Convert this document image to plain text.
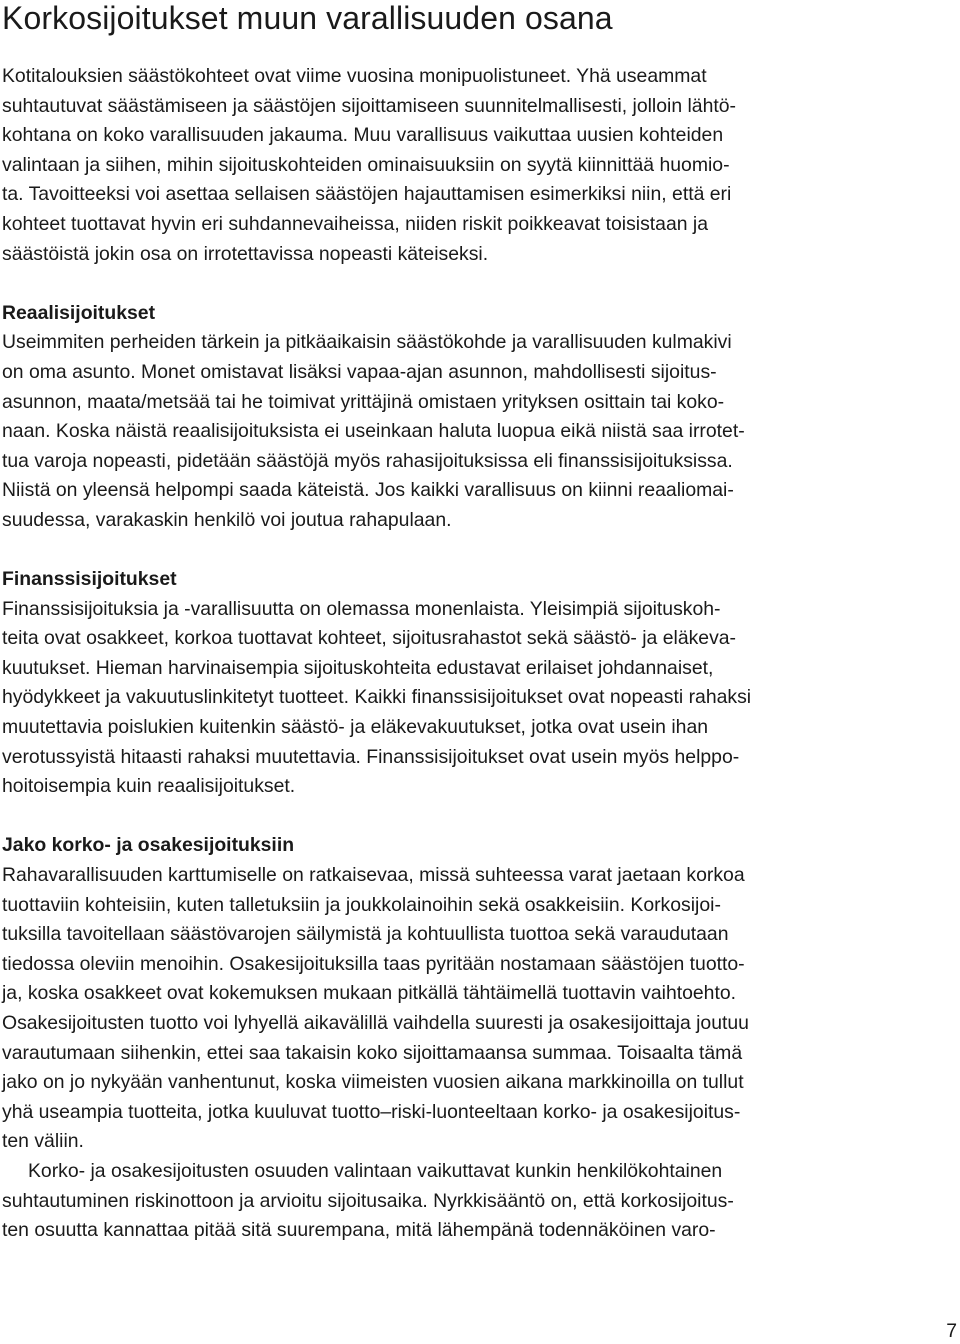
Korkosijoitukset muun varallisuuden osana
Kotitalouksien säästökohteet ovat viime vuosina monipuolistuneet. Yhä useammat
suhtautuvat säästämiseen ja säästöjen sijoittamiseen suunnitelmallisesti, jolloin lähtö-
kohtana on koko varallisuuden jakauma. Muu varallisuus vaikuttaa uusien kohteiden
valintaan ja siihen, mihin sijoituskohteiden ominaisuuksiin on syytä kiinnittää huomio-
ta. Tavoitteeksi voi asettaa sellaisen säästöjen hajauttamisen esimerkiksi niin, että eri
kohteet tuottavat hyvin eri suhdannevaiheissa, niiden riskit poikkeavat toisistaan ja
säästöistä jokin osa on irrotettavissa nopeasti käteiseksi.
Reaalisijoitukset
Useimmiten perheiden tärkein ja pitkäaikaisin säästökohde ja varallisuuden kulmakivi
on oma asunto. Monet omistavat lisäksi vapaa-ajan asunnon, mahdollisesti sijoitus-
asunnon, maata/metsää tai he toimivat yrittäjinä omistaen yrityksen osittain tai koko-
naan. Koska näistä reaalisijoituksista ei useinkaan haluta luopua eikä niistä saa irrotet-
tua varoja nopeasti, pidetään säästöjä myös rahasijoituksissa eli finanssisijoituksissa.
Niistä on yleensä helpompi saada käteistä. Jos kaikki varallisuus on kiinni reaaliomai-
suudessa, varakaskin henkilö voi joutua rahapulaan.
Finanssisijoitukset
Finanssisijoituksia ja -varallisuutta on olemassa monenlaista. Yleisimpiä sijoituskoh-
teita ovat osakkeet, korkoa tuottavat kohteet, sijoitusrahastot sekä säästö- ja eläkeva-
kuutukset. Hieman harvinaisempia sijoituskohteita edustavat erilaiset johdannaiset,
hyödykkeet ja vakuutuslinkitetyt tuotteet. Kaikki finanssisijoitukset ovat nopeasti rahaksi
muutettavia poislukien kuitenkin säästö- ja eläkevakuutukset, jotka ovat usein ihan
verotussyistä hitaasti rahaksi muutettavia. Finanssisijoitukset ovat usein myös helppo-
hoitoisempia kuin reaalisijoitukset.
Jako korko- ja osakesijoituksiin
Rahavarallisuuden karttumiselle on ratkaisevaa, missä suhteessa varat jaetaan korkoa
tuottaviin kohteisiin, kuten talletuksiin ja joukkolainoihin sekä osakkeisiin. Korkosijoi-
tuksilla tavoitellaan säästövarojen säilymistä ja kohtuullista tuottoa sekä varaudutaan
tiedossa oleviin menoihin. Osakesijoituksilla taas pyritään nostamaan säästöjen tuotto-
ja, koska osakkeet ovat kokemuksen mukaan pitkällä tähtäimellä tuottavin vaihtoehto.
Osakesijoitusten tuotto voi lyhyellä aikavälillä vaihdella suuresti ja osakesijoittaja joutuu
varautumaan siihenkin, ettei saa takaisin koko sijoittamaansa summaa. Toisaalta tämä
jako on jo nykyään vanhentunut, koska viimeisten vuosien aikana markkinoilla on tullut
yhä useampia tuotteita, jotka kuuluvat tuotto–riski-luonteeltaan korko- ja osakesijoitus-
ten väliin.
Korko- ja osakesijoitusten osuuden valintaan vaikuttavat kunkin henkilökohtainen
suhtautuminen riskinottoon ja arvioitu sijoitusaika. Nyrkkisääntö on, että korkosijoitus-
ten osuutta kannattaa pitää sitä suurempana, mitä lähempänä todennäköinen varo-
7
